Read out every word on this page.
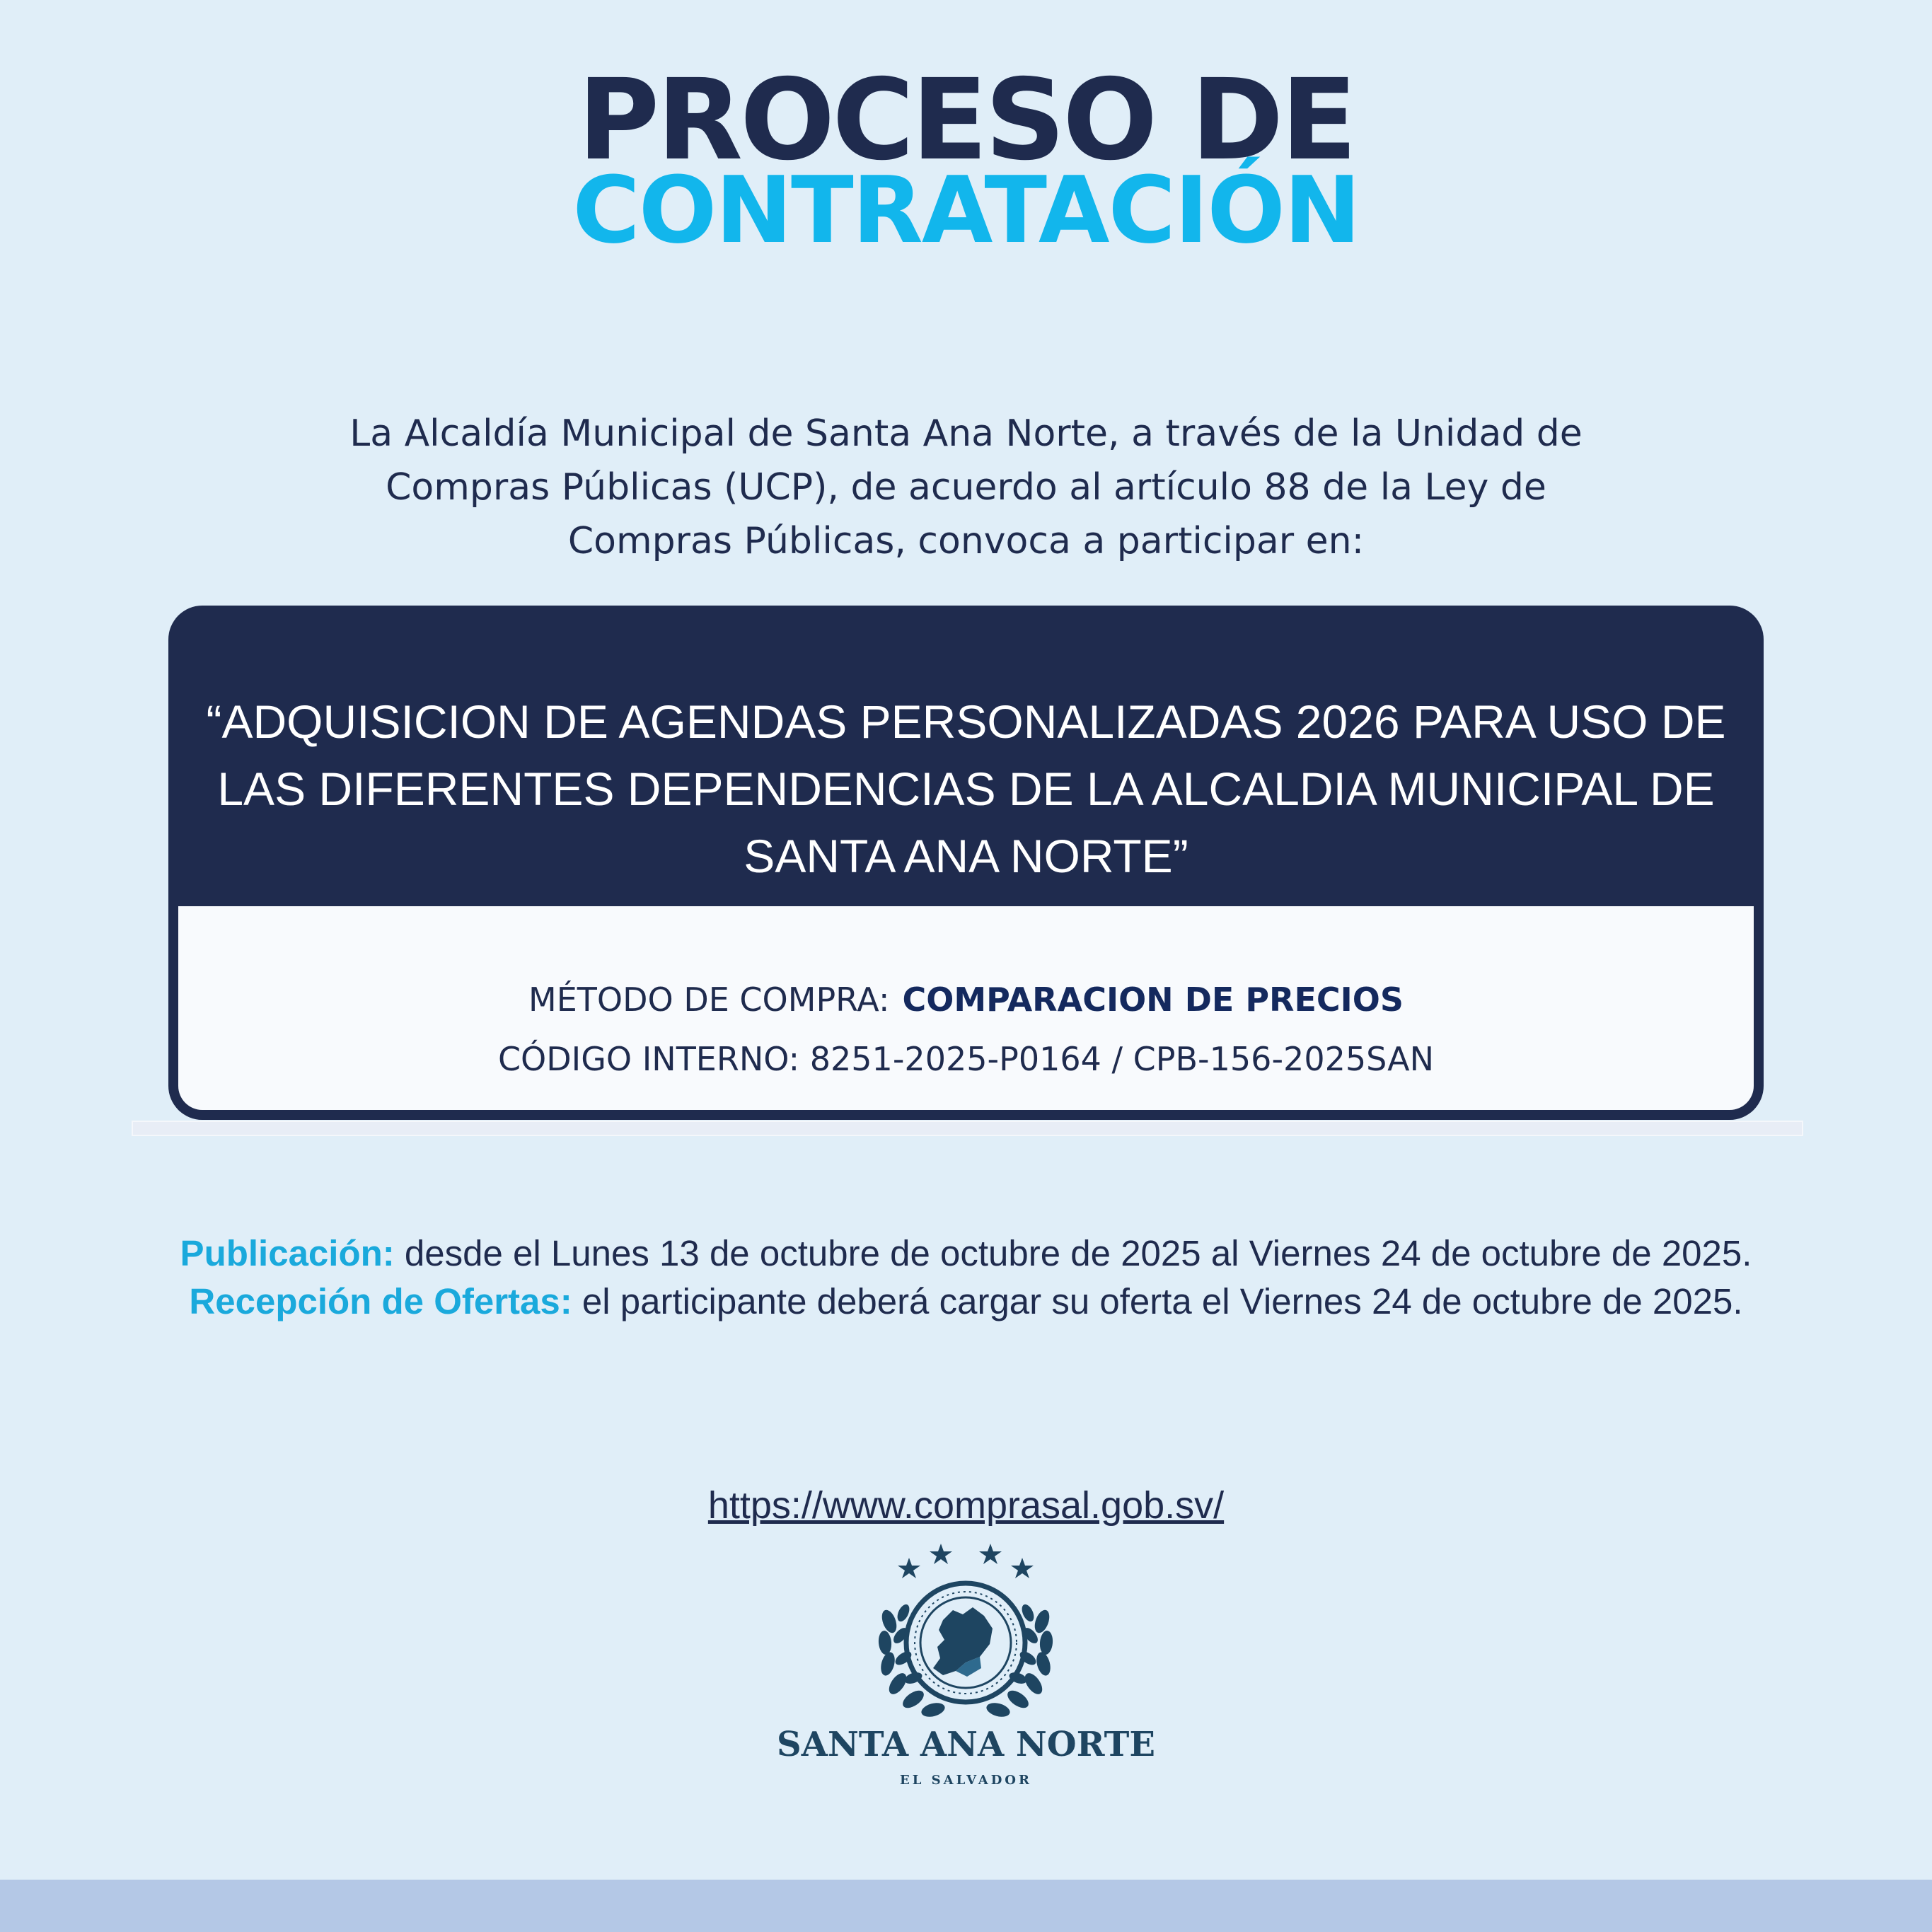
PROCESO DE
CONTRATACIÓN
La Alcaldía Municipal de Santa Ana Norte, a través de la Unidad de
Compras Públicas (UCP), de acuerdo al artículo 88 de la Ley de
Compras Públicas, convoca a participar en:
“ADQUISICION DE AGENDAS PERSONALIZADAS 2026 PARA USO DE
LAS DIFERENTES DEPENDENCIAS DE LA ALCALDIA MUNICIPAL DE
SANTA ANA NORTE”
MÉTODO DE COMPRA: COMPARACION DE PRECIOS
CÓDIGO INTERNO: 8251-2025-P0164 / CPB-156-2025SAN
Publicación: desde el Lunes 13 de octubre de octubre de 2025 al Viernes 24 de octubre de 2025.
Recepción de Ofertas: el participante deberá cargar su oferta el Viernes 24 de octubre de 2025.
https://www.comprasal.gob.sv/
SANTA ANA NORTE
EL SALVADOR
